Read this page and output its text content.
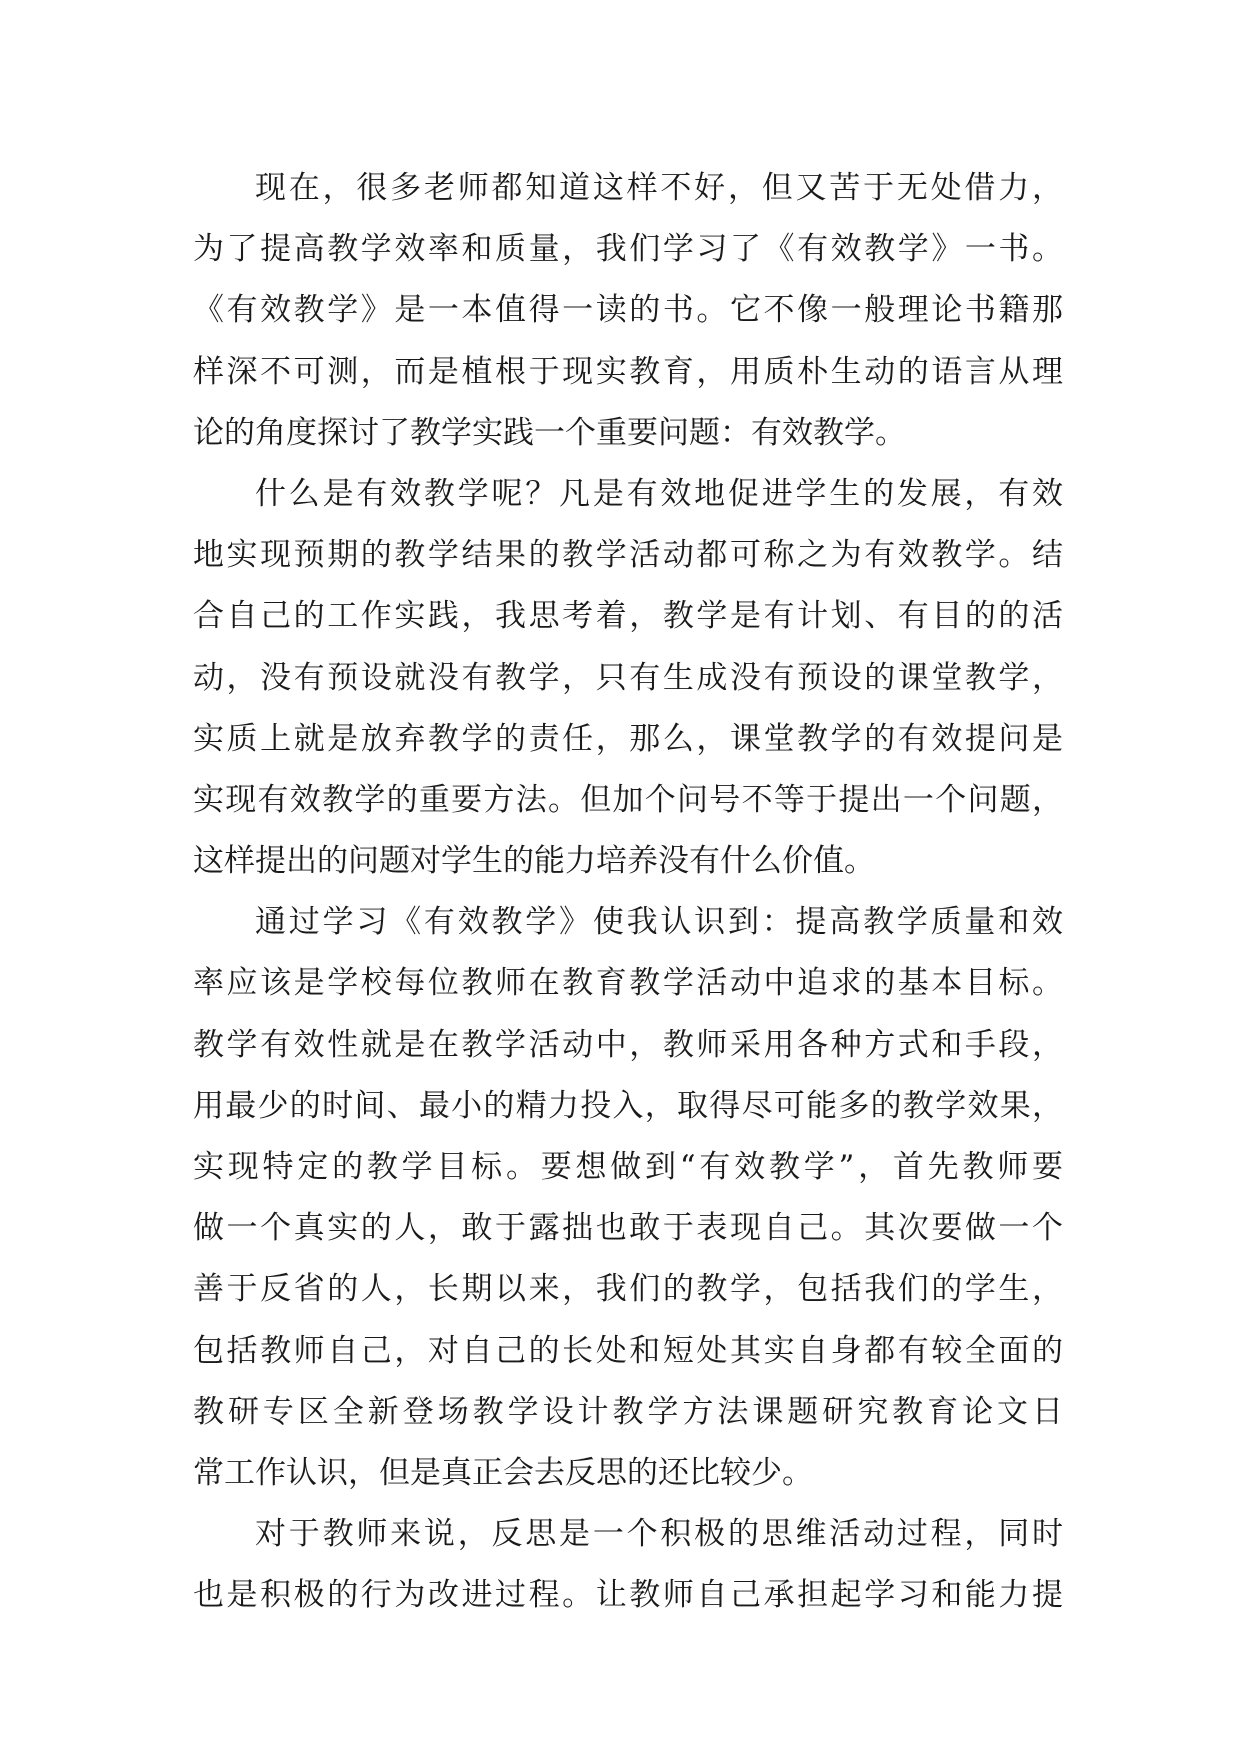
现在，很多老师都知道这样不好，但又苦于无处借力，
为了提高教学效率和质量，我们学习了《有效教学》一书。
《有效教学》是一本值得一读的书。它不像一般理论书籍那
样深不可测，而是植根于现实教育，用质朴生动的语言从理
论的角度探讨了教学实践一个重要问题：有效教学。
什么是有效教学呢？凡是有效地促进学生的发展，有效
地实现预期的教学结果的教学活动都可称之为有效教学。结
合自己的工作实践，我思考着，教学是有计划、有目的的活
动，没有预设就没有教学，只有生成没有预设的课堂教学，
实质上就是放弃教学的责任，那么，课堂教学的有效提问是
实现有效教学的重要方法。但加个问号不等于提出一个问题，
这样提出的问题对学生的能力培养没有什么价值。
通过学习《有效教学》使我认识到：提高教学质量和效
率应该是学校每位教师在教育教学活动中追求的基本目标。
教学有效性就是在教学活动中，教师采用各种方式和手段，
用最少的时间、最小的精力投入，取得尽可能多的教学效果，
实现特定的教学目标。要想做到“有效教学”，首先教师要
做一个真实的人，敢于露拙也敢于表现自己。其次要做一个
善于反省的人，长期以来，我们的教学，包括我们的学生，
包括教师自己，对自己的长处和短处其实自身都有较全面的
教研专区全新登场教学设计教学方法课题研究教育论文日
常工作认识，但是真正会去反思的还比较少。
对于教师来说，反思是一个积极的思维活动过程，同时
也是积极的行为改进过程。让教师自己承担起学习和能力提
